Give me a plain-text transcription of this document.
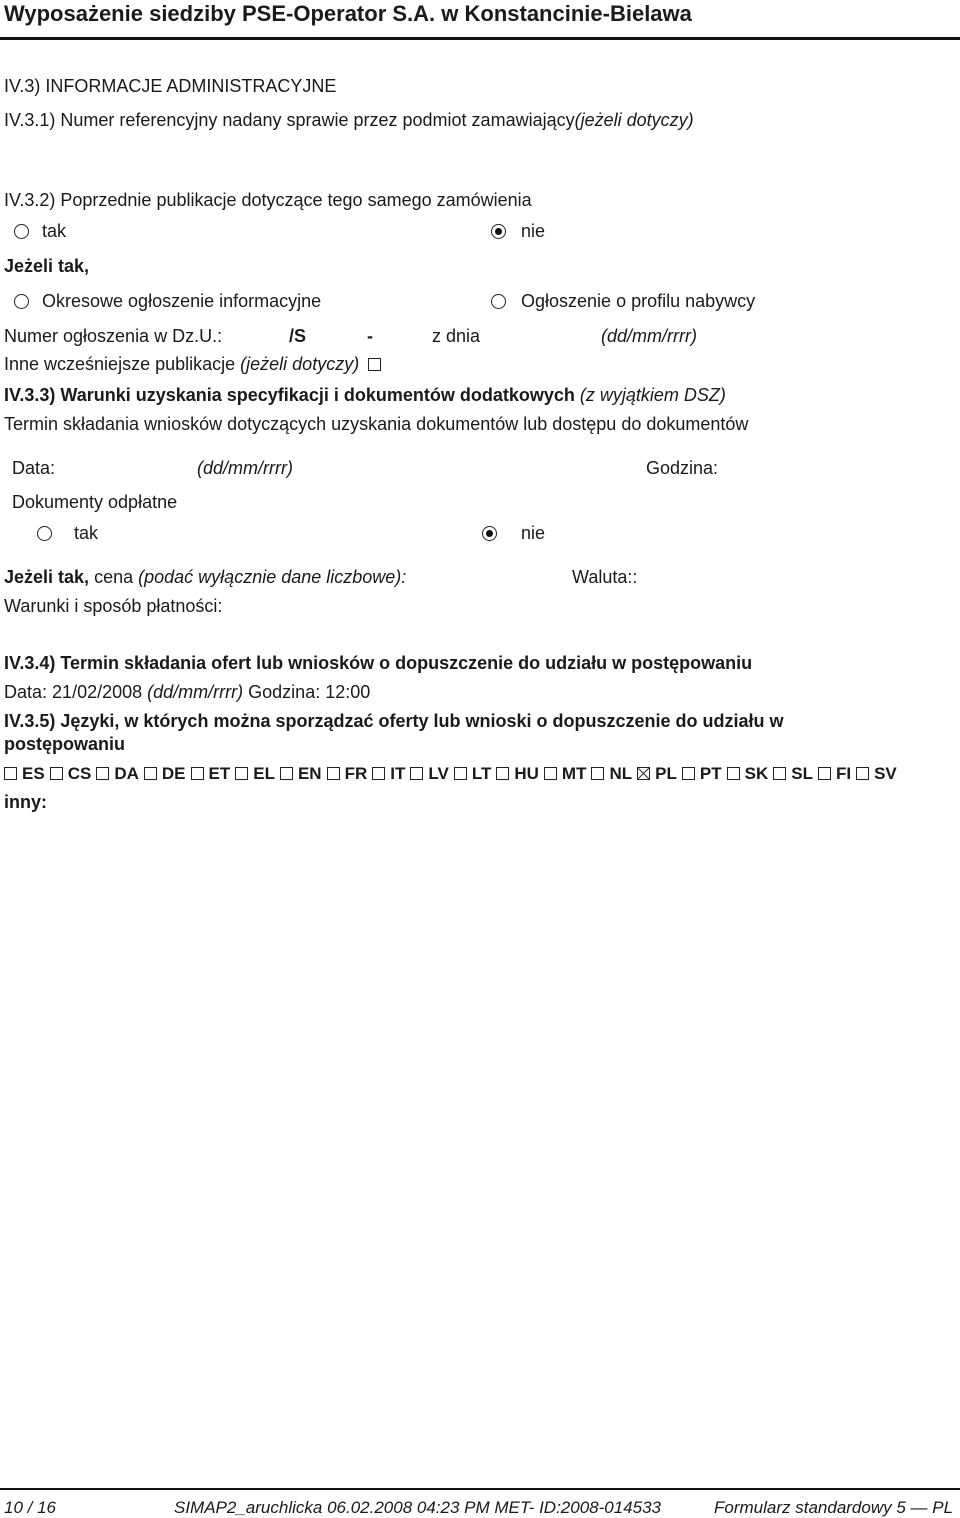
Wyposażenie siedziby PSE-Operator S.A. w Konstancinie-Bielawa
IV.3) INFORMACJE ADMINISTRACYJNE
IV.3.1) Numer referencyjny nadany sprawie przez podmiot zamawiający(jeżeli dotyczy)
IV.3.2) Poprzednie publikacje dotyczące tego samego zamówienia
tak	nie
Jeżeli tak,
Okresowe ogłoszenie informacyjne	Ogłoszenie o profilu nabywcy
Numer ogłoszenia w Dz.U.:	/S	-	z dnia	(dd/mm/rrrr)
Inne wcześniejsze publikacje (jeżeli dotyczy)
IV.3.3) Warunki uzyskania specyfikacji i dokumentów dodatkowych (z wyjątkiem DSZ)
Termin składania wniosków dotyczących uzyskania dokumentów lub dostępu do dokumentów
Data:	(dd/mm/rrrr)	Godzina:
Dokumenty odpłatne
tak	nie
Jeżeli tak, cena (podać wyłącznie dane liczbowe):	Waluta::
Warunki i sposób płatności:
IV.3.4) Termin składania ofert lub wniosków o dopuszczenie do udziału w postępowaniu
Data: 21/02/2008 (dd/mm/rrrr) Godzina: 12:00
IV.3.5) Języki, w których można sporządzać oferty lub wnioski o dopuszczenie do udziału w
postępowaniu
ES CS DA DE ET EL EN FR IT LV LT HU MT NL PL PT SK SL FI SV
inny:
10 / 16	SIMAP2_aruchlicka 06.02.2008 04:23 PM MET- ID:2008-014533	Formularz standardowy 5 — PL
